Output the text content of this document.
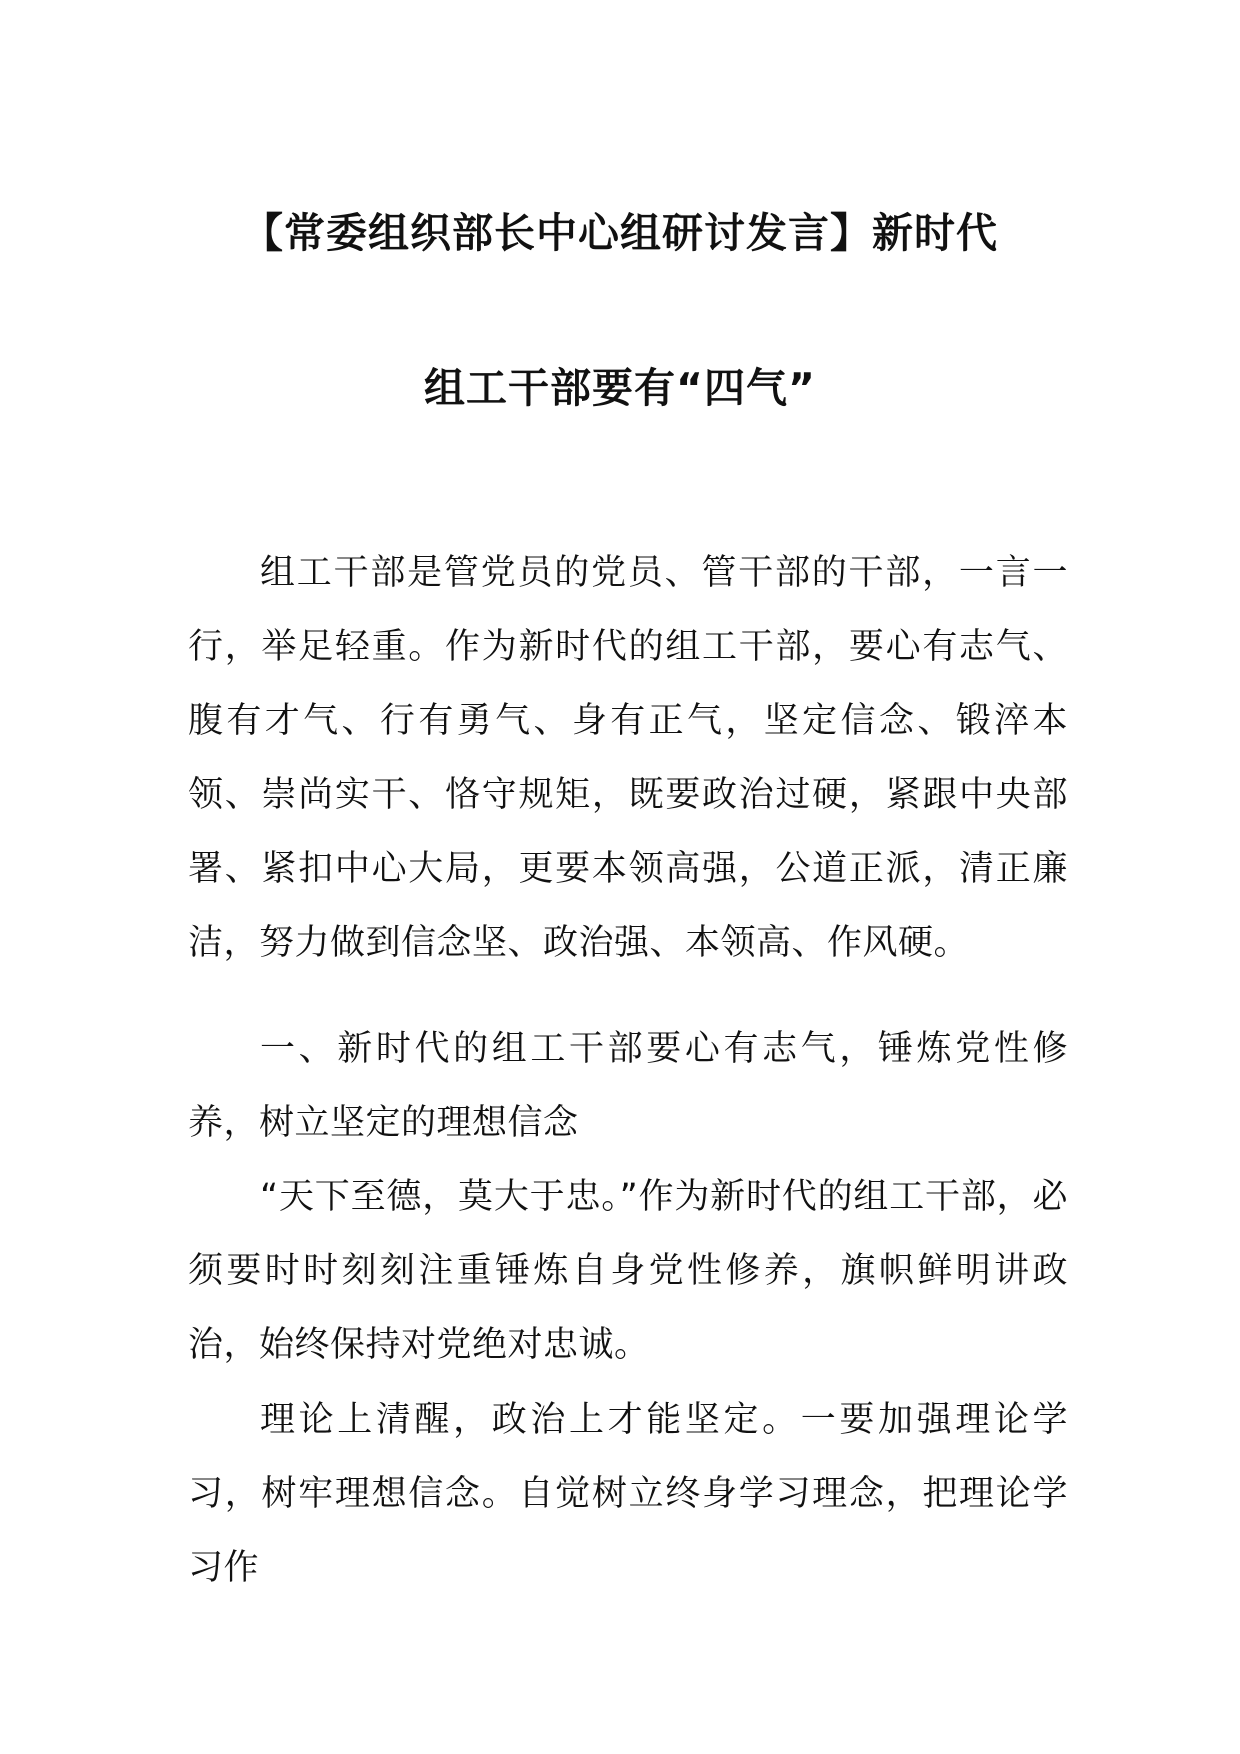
【常委组织部长中心组研讨发言】新时代
组工干部要有“四气”

组工干部是管党员的党员、管干部的干部，一言一行，举足轻重。作为新时代的组工干部，要心有志气、腹有才气、行有勇气、身有正气，坚定信念、锻淬本领、崇尚实干、恪守规矩，既要政治过硬，紧跟中央部署、紧扣中心大局，更要本领高强，公道正派，清正廉洁，努力做到信念坚、政治强、本领高、作风硬。

一、新时代的组工干部要心有志气，锤炼党性修养，树立坚定的理想信念

“天下至德，莫大于忠。”作为新时代的组工干部，必须要时时刻刻注重锤炼自身党性修养，旗帜鲜明讲政治，始终保持对党绝对忠诚。

理论上清醒，政治上才能坚定。一要加强理论学习，树牢理想信念。自觉树立终身学习理念，把理论学习作
